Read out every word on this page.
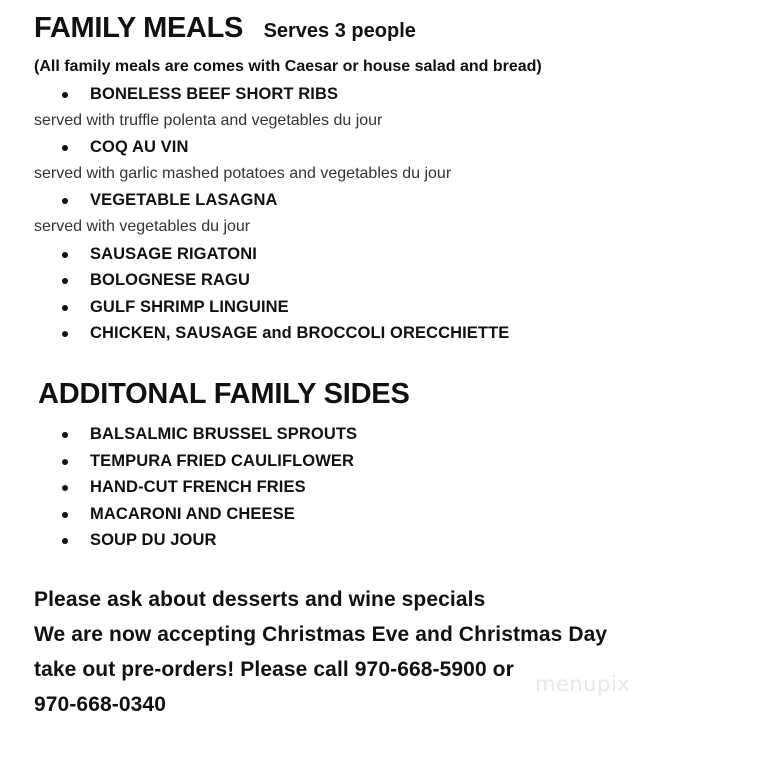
FAMILY MEALS Serves 3 people
(All family meals are comes with Caesar or house salad and bread)
BONELESS BEEF SHORT RIBS
served with truffle polenta and vegetables du jour
COQ AU VIN
served with garlic mashed potatoes and vegetables du jour
VEGETABLE LASAGNA
served with vegetables du jour
SAUSAGE RIGATONI
BOLOGNESE RAGU
GULF SHRIMP LINGUINE
CHICKEN, SAUSAGE and BROCCOLI ORECCHIETTE
ADDITONAL FAMILY SIDES
BALSALMIC BRUSSEL SPROUTS
TEMPURA FRIED CAULIFLOWER
HAND-CUT FRENCH FRIES
MACARONI AND CHEESE
SOUP DU JOUR
Please ask about desserts and wine specials
We are now accepting Christmas Eve and Christmas Day
take out pre-orders! Please call 970-668-5900 or
970-668-0340
menupix
